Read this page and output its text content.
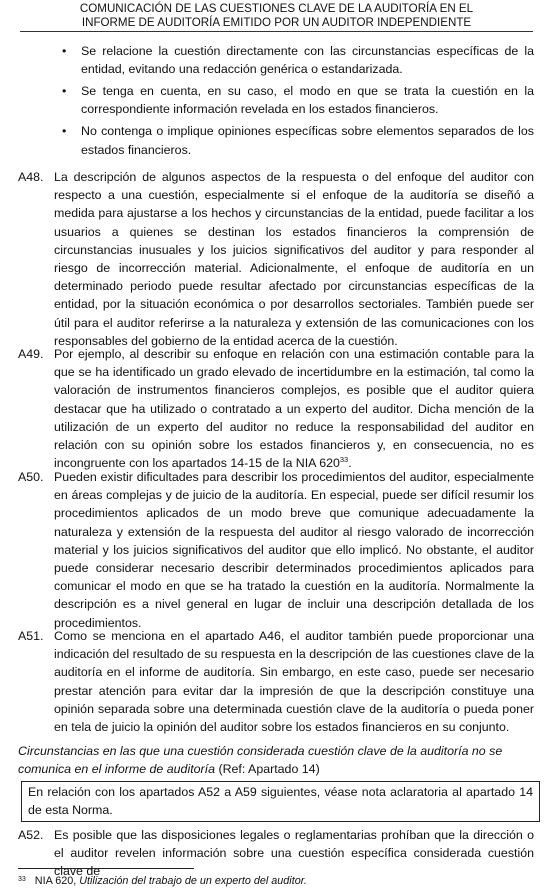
COMUNICACIÓN DE LAS CUESTIONES CLAVE DE LA AUDITORÍA EN EL
INFORME DE AUDITORÍA EMITIDO POR UN AUDITOR INDEPENDIENTE
• Se relacione la cuestión directamente con las circunstancias específicas de la entidad, evitando una redacción genérica o estandarizada.
• Se tenga en cuenta, en su caso, el modo en que se trata la cuestión en la correspondiente información revelada en los estados financieros.
• No contenga o implique opiniones específicas sobre elementos separados de los estados financieros.
A48. La descripción de algunos aspectos de la respuesta o del enfoque del auditor con respecto a una cuestión, especialmente si el enfoque de la auditoría se diseñó a medida para ajustarse a los hechos y circunstancias de la entidad, puede facilitar a los usuarios a quienes se destinan los estados financieros la comprensión de circunstancias inusuales y los juicios significativos del auditor y para responder al riesgo de incorrección material. Adicionalmente, el enfoque de auditoría en un determinado periodo puede resultar afectado por circunstancias específicas de la entidad, por la situación económica o por desarrollos sectoriales. También puede ser útil para el auditor referirse a la naturaleza y extensión de las comunicaciones con los responsables del gobierno de la entidad acerca de la cuestión.
A49. Por ejemplo, al describir su enfoque en relación con una estimación contable para la que se ha identificado un grado elevado de incertidumbre en la estimación, tal como la valoración de instrumentos financieros complejos, es posible que el auditor quiera destacar que ha utilizado o contratado a un experto del auditor. Dicha mención de la utilización de un experto del auditor no reduce la responsabilidad del auditor en relación con su opinión sobre los estados financieros y, en consecuencia, no es incongruente con los apartados 14-15 de la NIA $620^{33}$.
A50. Pueden existir dificultades para describir los procedimientos del auditor, especialmente en áreas complejas y de juicio de la auditoría. En especial, puede ser difícil resumir los procedimientos aplicados de un modo breve que comunique adecuadamente la naturaleza y extensión de la respuesta del auditor al riesgo valorado de incorrección material y los juicios significativos del auditor que ello implicó. No obstante, el auditor puede considerar necesario describir determinados procedimientos aplicados para comunicar el modo en que se ha tratado la cuestión en la auditoría. Normalmente la descripción es a nivel general en lugar de incluir una descripción detallada de los procedimientos.
A51. Como se menciona en el apartado A46, el auditor también puede proporcionar una indicación del resultado de su respuesta en la descripción de las cuestiones clave de la auditoría en el informe de auditoría. Sin embargo, en este caso, puede ser necesario prestar atención para evitar dar la impresión de que la descripción constituye una opinión separada sobre una determinada cuestión clave de la auditoría o pueda poner en tela de juicio la opinión del auditor sobre los estados financieros en su conjunto.
Circunstancias en las que una cuestión considerada cuestión clave de la auditoría no se comunica en el informe de auditoría (Ref: Apartado 14)
En relación con los apartados A52 a A59 siguientes, véase nota aclaratoria al apartado 14 de esta Norma.
A52. Es posible que las disposiciones legales o reglamentarias prohíban que la dirección o el auditor revelen información sobre una cuestión específica considerada cuestión clave de
$^{33}$ NIA 620, Utilización del trabajo de un experto del auditor.
